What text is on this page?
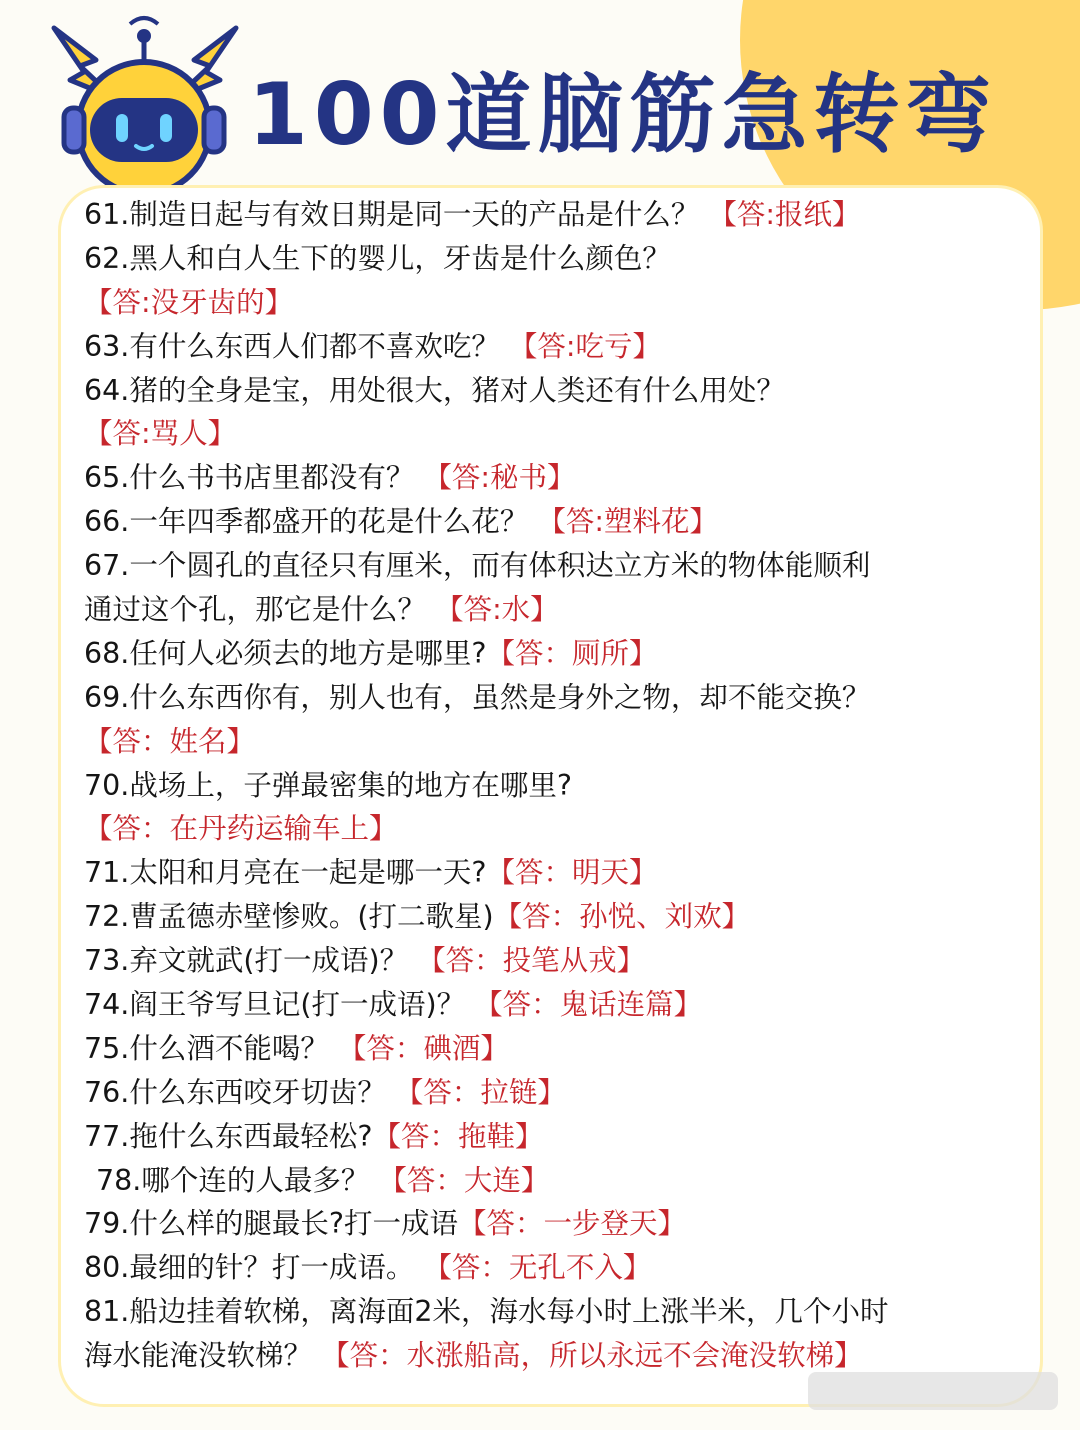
100道脑筋急转弯
61.制造日起与有效日期是同一天的产品是什么？ 【答:报纸】
62.黑人和白人生下的婴儿，牙齿是什么颜色？
【答:没牙齿的】
63.有什么东西人们都不喜欢吃？ 【答:吃亏】
64.猪的全身是宝，用处很大，猪对人类还有什么用处？
【答:骂人】
65.什么书书店里都没有？ 【答:秘书】
66.一年四季都盛开的花是什么花？ 【答:塑料花】
67.一个圆孔的直径只有厘米，而有体积达立方米的物体能顺利
通过这个孔，那它是什么？ 【答:水】
68.任何人必须去的地方是哪里?【答：厕所】
69.什么东西你有，别人也有，虽然是身外之物，却不能交换？
【答：姓名】
70.战场上，子弹最密集的地方在哪里?
【答：在丹药运输车上】
71.太阳和月亮在一起是哪一天?【答：明天】
72.曹孟德赤壁惨败。(打二歌星)【答：孙悦、刘欢】
73.弃文就武(打一成语)？ 【答：投笔从戎】
74.阎王爷写旦记(打一成语)？ 【答：鬼话连篇】
75.什么酒不能喝？ 【答：碘酒】
76.什么东西咬牙切齿？ 【答：拉链】
77.拖什么东西最轻松?【答：拖鞋】
78.哪个连的人最多？ 【答：大连】
79.什么样的腿最长?打一成语【答：一步登天】
80.最细的针？打一成语。 【答：无孔不入】
81.船边挂着软梯，离海面2米，海水每小时上涨半米，几个小时
海水能淹没软梯？ 【答：水涨船高，所以永远不会淹没软梯】
